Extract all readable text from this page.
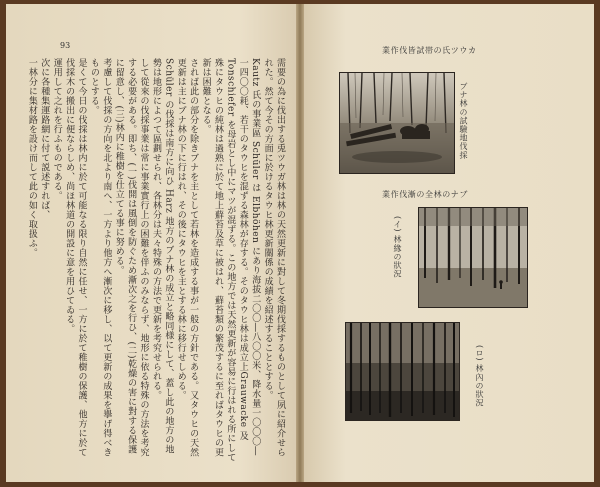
93

需要の為に伐出する兎ツウガ林は林の天然更新に對して冬期伐採するものとして夙に紹介せられた。然て今その方面に於けるタウヒ林更新關係の成績を紹述することとする。

Kautz 氏の事業區 Schüler は Elbhöhen にあり海拔二〇〇―八〇〇米、降水量一〇〇〇―一四〇〇耗、若干のタウヒを混ずる森林が存する。そのタウヒ林は成立上Grauwacke 及 Tonschiefer を母岩とし中にマツが混ずる。この地方では天然更新が容易に行はれる所にして殊にタウヒの純林は過熟に於て地上蘚苔及草に被はれ、蘚苔類の繁茂するに至ればタウヒの更新は困難となる。

されば此の部分を除きブナを主として若林を造成する事が一般の方針である。又タウヒの天然更新は主にブナ林の下に行はれ、その後にタウヒを主とする林に移行せしめる。

Schüler の伐採は南方に向ひ Harz 地方のブナ林の成立と略同様にして、蓋し此の地方の地勢は地形によつて區劃せられ、各林分は夫々特殊の方法で更新を考究せられる。

して從來の伐採事業は常に事業實行上の困難を伴ふのみならず、地形に依る特殊の方法を考究する必要がある。即ち、(一)伐開は風倒を防ぐため漸次之を行ひ、(二)乾燥の害に對する保護に留意し、(三)林内に稚樹を仕立てる事に努める。

考慮して伐採の方向を北より南へ、一方より他方へ漸次に移し、以て更新の成果を擧げ得べきものとする。

是くて今日の伐採は林内に於て可能なる限り自然に任せ、一方に於て稚樹の保護、他方に於て伐採木の搬出に便ならしめ、尚ほ林道の開設に意を用ひてゐる。

運用して之れを行ふものである。

次に各種集運路網に付て説述すれば、

一林分に集材路を設け而して此の如く取扱ふ。

業作伐皆試帯の氏ツウカ
ブナ林の試驗地伐採
業作伐漸の全林のナブ
(イ) 林緣の狀況
(ロ) 林內の狀況
